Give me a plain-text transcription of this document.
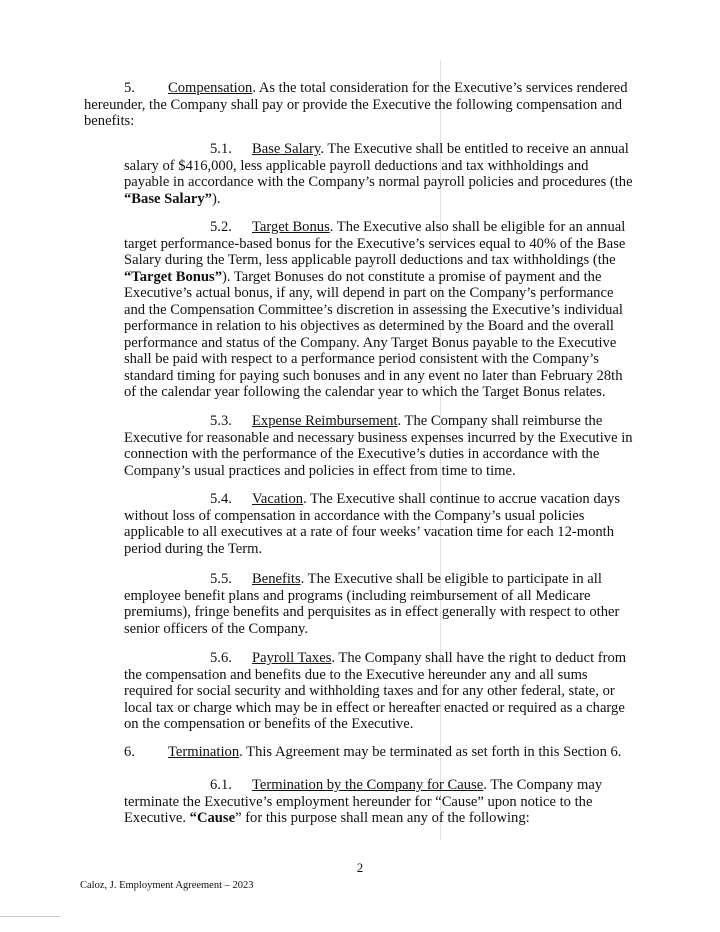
5. Compensation. As the total consideration for the Executive’s services rendered hereunder, the Company shall pay or provide the Executive the following compensation and benefits:

5.1. Base Salary. The Executive shall be entitled to receive an annual salary of $416,000, less applicable payroll deductions and tax withholdings and payable in accordance with the Company’s normal payroll policies and procedures (the “Base Salary”).

5.2. Target Bonus. The Executive also shall be eligible for an annual target performance-based bonus for the Executive’s services equal to 40% of the Base Salary during the Term, less applicable payroll deductions and tax withholdings (the “Target Bonus”). Target Bonuses do not constitute a promise of payment and the Executive’s actual bonus, if any, will depend in part on the Company’s performance and the Compensation Committee’s discretion in assessing the Executive’s individual performance in relation to his objectives as determined by the Board and the overall performance and status of the Company. Any Target Bonus payable to the Executive shall be paid with respect to a performance period consistent with the Company’s standard timing for paying such bonuses and in any event no later than February 28th of the calendar year following the calendar year to which the Target Bonus relates.

5.3. Expense Reimbursement. The Company shall reimburse the Executive for reasonable and necessary business expenses incurred by the Executive in connection with the performance of the Executive’s duties in accordance with the Company’s usual practices and policies in effect from time to time.

5.4. Vacation. The Executive shall continue to accrue vacation days without loss of compensation in accordance with the Company’s usual policies applicable to all executives at a rate of four weeks’ vacation time for each 12-month period during the Term.

5.5. Benefits. The Executive shall be eligible to participate in all employee benefit plans and programs (including reimbursement of all Medicare premiums), fringe benefits and perquisites as in effect generally with respect to other senior officers of the Company.

5.6. Payroll Taxes. The Company shall have the right to deduct from the compensation and benefits due to the Executive hereunder any and all sums required for social security and withholding taxes and for any other federal, state, or local tax or charge which may be in effect or hereafter enacted or required as a charge on the compensation or benefits of the Executive.

6. Termination. This Agreement may be terminated as set forth in this Section 6.

6.1. Termination by the Company for Cause. The Company may terminate the Executive’s employment hereunder for “Cause” upon notice to the Executive. “Cause” for this purpose shall mean any of the following:

2
Caloz, J. Employment Agreement – 2023
